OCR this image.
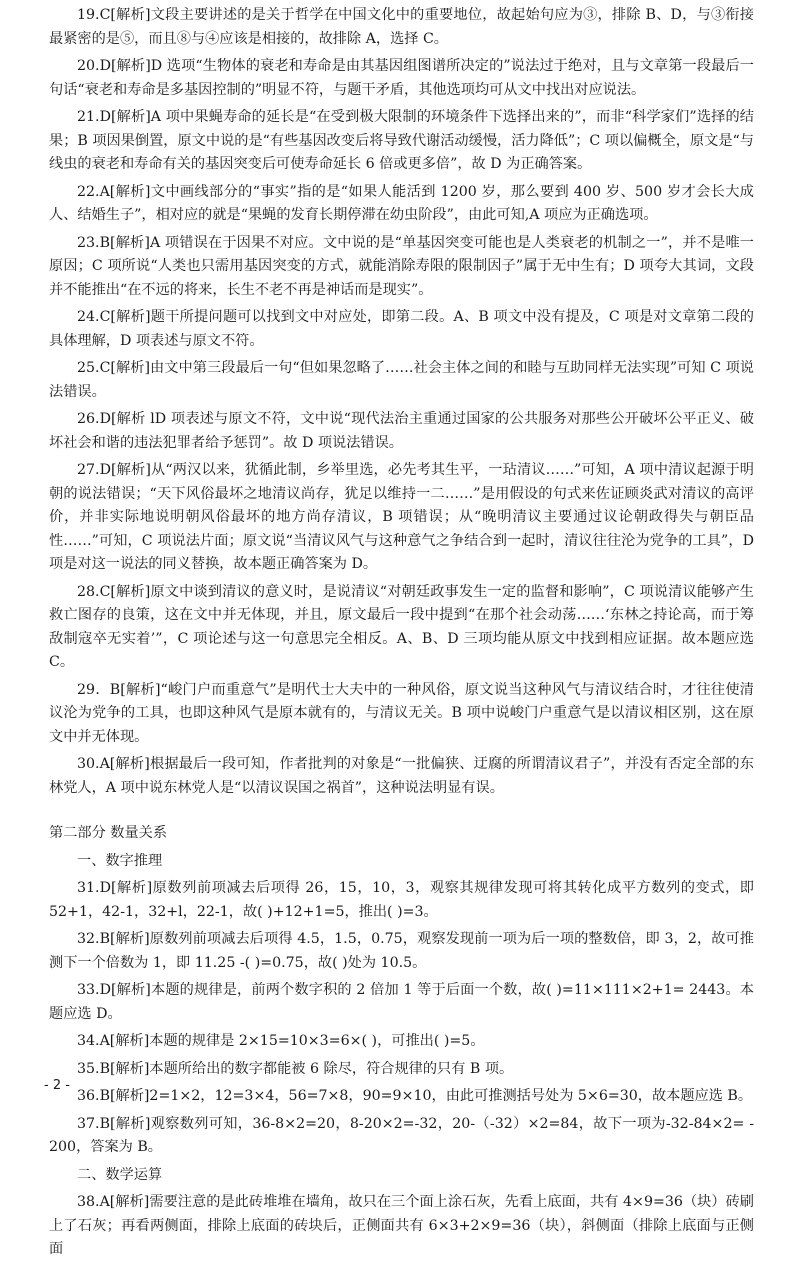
19.C[解析]文段主要讲述的是关于哲学在中国文化中的重要地位，故起始句应为③，排除 B、D，与③衔接最紧密的是⑤，而且⑧与④应该是相接的，故排除 A，选择 C。

20.D[解析]D 选项“生物体的衰老和寿命是由其基因组图谱所决定的”说法过于绝对，且与文章第一段最后一句话“衰老和寿命是多基因控制的”明显不符，与题干矛盾，其他选项均可从文中找出对应说法。

21.D[解析]A 项中果蝇寿命的延长是“在受到极大限制的环境条件下选择出来的”，而非“科学家们”选择的结果；B 项因果倒置，原文中说的是“有些基因改变后将导致代谢活动缓慢，活力降低”；C 项以偏概全，原文是“与线虫的衰老和寿命有关的基因突变后可使寿命延长 6 倍或更多倍”，故 D 为正确答案。

22.A[解析]文中画线部分的“事实”指的是“如果人能活到 1200 岁，那么要到 400 岁、500 岁才会长大成人、结婚生子”，相对应的就是“果蝇的发育长期停滞在幼虫阶段”，由此可知,A 项应为正确选项。

23.B[解析]A 项错误在于因果不对应。文中说的是“单基因突变可能也是人类衰老的机制之一”，并不是唯一原因；C 项所说“人类也只需用基因突变的方式，就能消除寿限的限制因子”属于无中生有；D 项夸大其词，文段并不能推出“在不远的将来，长生不老不再是神话而是现实”。

24.C[解析]题干所提问题可以找到文中对应处，即第二段。A、B 项文中没有提及，C 项是对文章第二段的具体理解，D 项表述与原文不符。

25.C[解析]由文中第三段最后一句“但如果忽略了……社会主体之间的和睦与互助同样无法实现”可知 C 项说法错误。

26.D[解析 lD 项表述与原文不符，文中说“现代法治主重通过国家的公共服务对那些公开破坏公平正义、破坏社会和谐的违法犯罪者给予惩罚”。故 D 项说法错误。

27.D[解析]从“两汉以来，犹循此制，乡举里选，必先考其生平，一玷清议……”可知，A 项中清议起源于明朝的说法错误；“天下风俗最坏之地清议尚存，犹足以维持一二……”是用假设的句式来佐证顾炎武对清议的高评价，并非实际地说明朝风俗最坏的地方尚存清议，B 项错误；从“晚明清议主要通过议论朝政得失与朝臣品性……”可知，C 项说法片面；原文说“当清议风气与这种意气之争结合到一起时，清议往往沦为党争的工具”，D 项是对这一说法的同义替换，故本题正确答案为 D。

28.C[解析]原文中谈到清议的意义时，是说清议“对朝廷政事发生一定的监督和影响”，C 项说清议能够产生救亡图存的良策，这在文中并无体现，并且，原文最后一段中提到“在那个社会动荡……‘东林之持论高，而于筹敌制寇卒无实着’”，C 项论述与这一句意思完全相反。A、B、D 三项均能从原文中找到相应证据。故本题应选 C。

29．B[解析]“峻门户而重意气”是明代士大夫中的一种风俗，原文说当这种风气与清议结合时，才往往使清议沦为党争的工具，也即这种风气是原本就有的，与清议无关。B 项中说峻门户重意气是以清议相区别，这在原文中并无体现。

30.A[解析]根据最后一段可知，作者批判的对象是“一批偏狭、迂腐的所谓清议君子”，并没有否定全部的东林党人，A 项中说东林党人是“以清议误国之祸首”，这种说法明显有误。

第二部分 数量关系
一、数字推理

31.D[解析]原数列前项减去后项得 26，15，10，3，观察其规律发现可将其转化成平方数列的变式，即 52+1，42-1，32+l，22-1，故( )+12+1=5，推出( )=3。

32.B[解析]原数列前项减去后项得 4.5，1.5，0.75，观察发现前一项为后一项的整数倍，即 3，2，故可推测下一个倍数为 1，即 11.25 -( )=0.75，故( )处为 10.5。

33.D[解析]本题的规律是，前两个数字积的 2 倍加 1 等于后面一个数，故( )=11×111×2+1= 2443。本题应选 D。

34.A[解析]本题的规律是 2×15=10×3=6×( )，可推出( )=5。

35.B[解析]本题所给出的数字都能被 6 除尽，符合规律的只有 B 项。

36.B[解析]2=1×2，12=3×4，56=7×8，90=9×10，由此可推测括号处为 5×6=30，故本题应选 B。

37.B[解析]观察数列可知，36-8×2=20，8-20×2=-32，20-（-32）×2=84，故下一项为-32-84×2= - 200，答案为 B。

二、数学运算

38.A[解析]需要注意的是此砖堆堆在墙角，故只在三个面上涂石灰，先看上底面，共有 4×9=36（块）砖刷上了石灰；再看两侧面，排除上底面的砖块后，正侧面共有 6×3+2×9=36（块），斜侧面（排除上底面与正侧面

- 2 -
